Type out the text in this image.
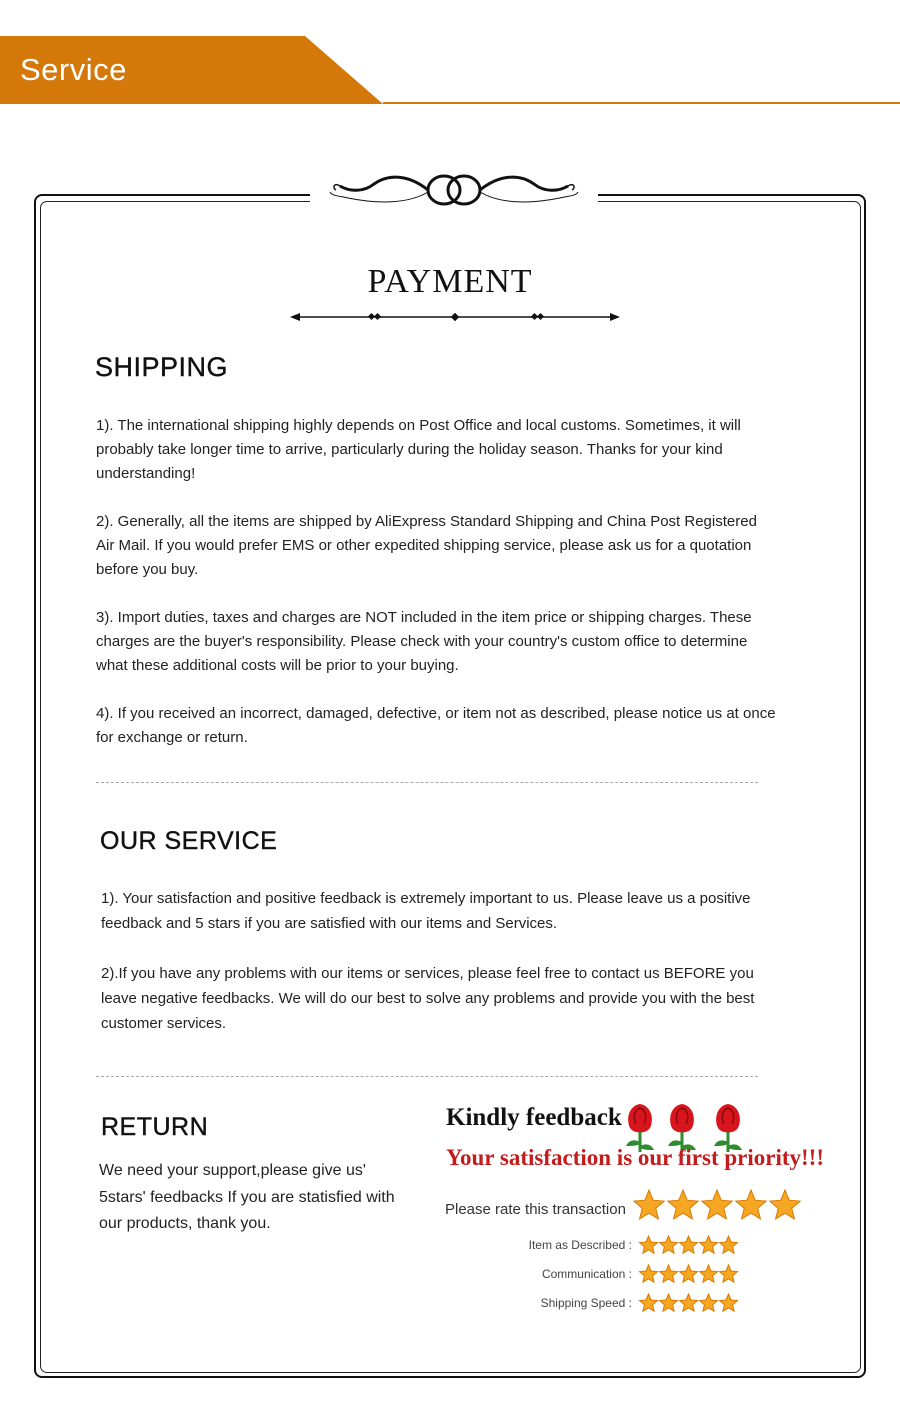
Service
PAYMENT
SHIPPING

1). The international shipping highly depends on Post Office and local customs. Sometimes, it will probably take longer time to arrive, particularly during the holiday season. Thanks for your kind understanding!

2). Generally, all the items are shipped by AliExpress Standard Shipping and China Post Registered Air Mail. If you would prefer EMS or other expedited shipping service, please ask us for a quotation before you buy.

3). Import duties, taxes and charges are NOT included in the item price or shipping charges. These charges are the buyer's responsibility. Please check with your country's custom office to determine what these additional costs will be prior to your buying.

4). If you received an incorrect, damaged, defective, or item not as described, please notice us at once for exchange or return.

OUR SERVICE

1). Your satisfaction and positive feedback is extremely important to us. Please leave us a positive feedback and 5 stars if you are satisfied with our items and Services.

2).If you have any problems with our items or services, please feel free to contact us BEFORE you leave negative feedbacks. We will do our best to solve any problems and provide you with the best customer services.

RETURN

We need your support,please give us' 5stars' feedbacks If you are statisfied with our products, thank you.

Kindly feedback
Your satisfaction is our first priority!!!
Please rate this transaction
Item as Described :
Communication :
Shipping Speed :
